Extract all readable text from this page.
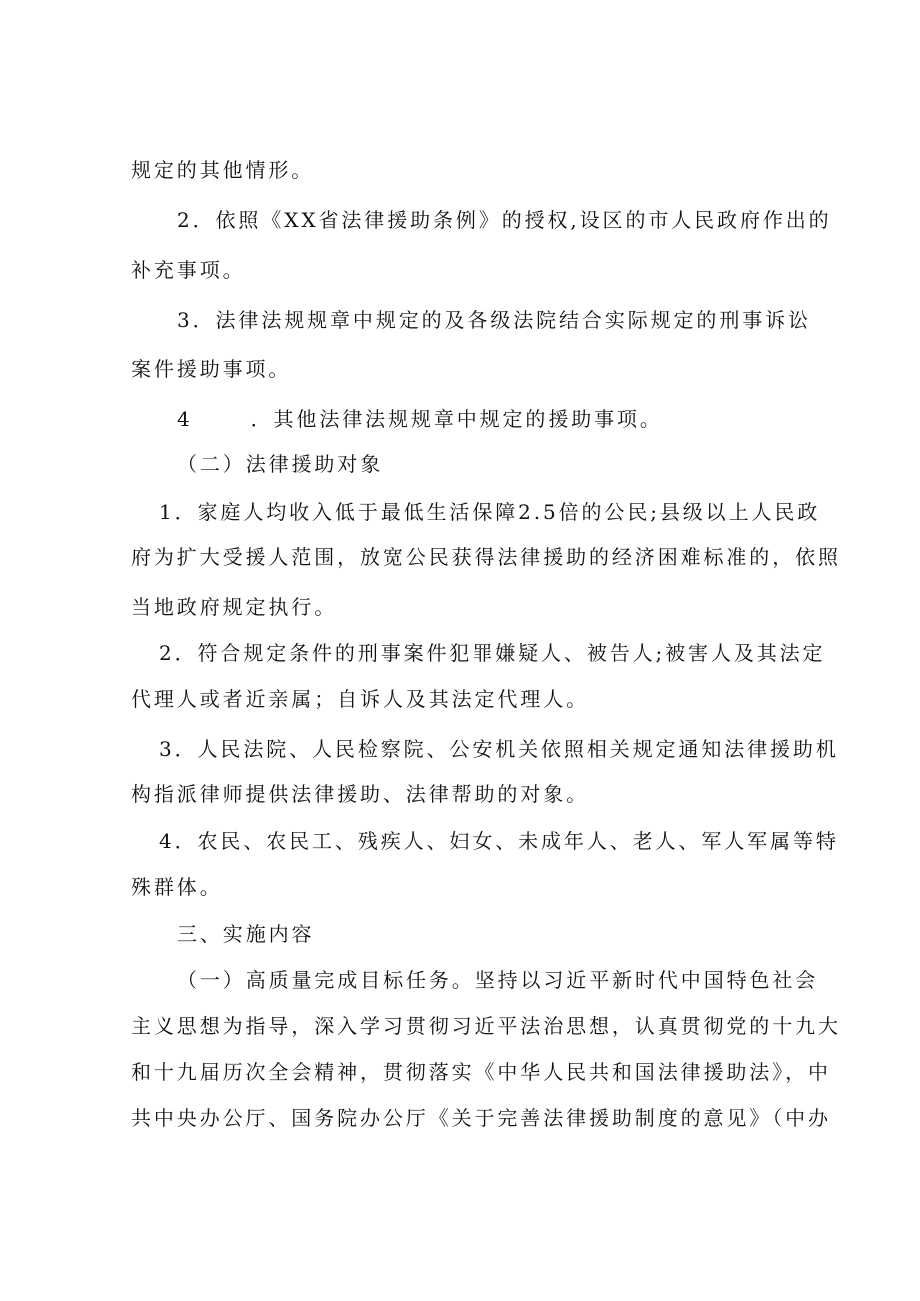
规定的其他情形。
2．依照《XX省法律援助条例》的授权,设区的市人民政府作出的
补充事项。
3．法律法规规章中规定的及各级法院结合实际规定的刑事诉讼
案件援助事项。
4	．其他法律法规规章中规定的援助事项。
（二）法律援助对象
1．家庭人均收入低于最低生活保障2.5倍的公民;县级以上人民政
府为扩大受援人范围，放宽公民获得法律援助的经济困难标准的，依照
当地政府规定执行。
2．符合规定条件的刑事案件犯罪嫌疑人、被告人;被害人及其法定
代理人或者近亲属；自诉人及其法定代理人。
3．人民法院、人民检察院、公安机关依照相关规定通知法律援助机
构指派律师提供法律援助、法律帮助的对象。
4．农民、农民工、残疾人、妇女、未成年人、老人、军人军属等特
殊群体。
三、实施内容
（一）高质量完成目标任务。坚持以习近平新时代中国特色社会
主义思想为指导，深入学习贯彻习近平法治思想，认真贯彻党的十九大
和十九届历次全会精神，贯彻落实《中华人民共和国法律援助法》，中
共中央办公厅、国务院办公厅《关于完善法律援助制度的意见》（中办
